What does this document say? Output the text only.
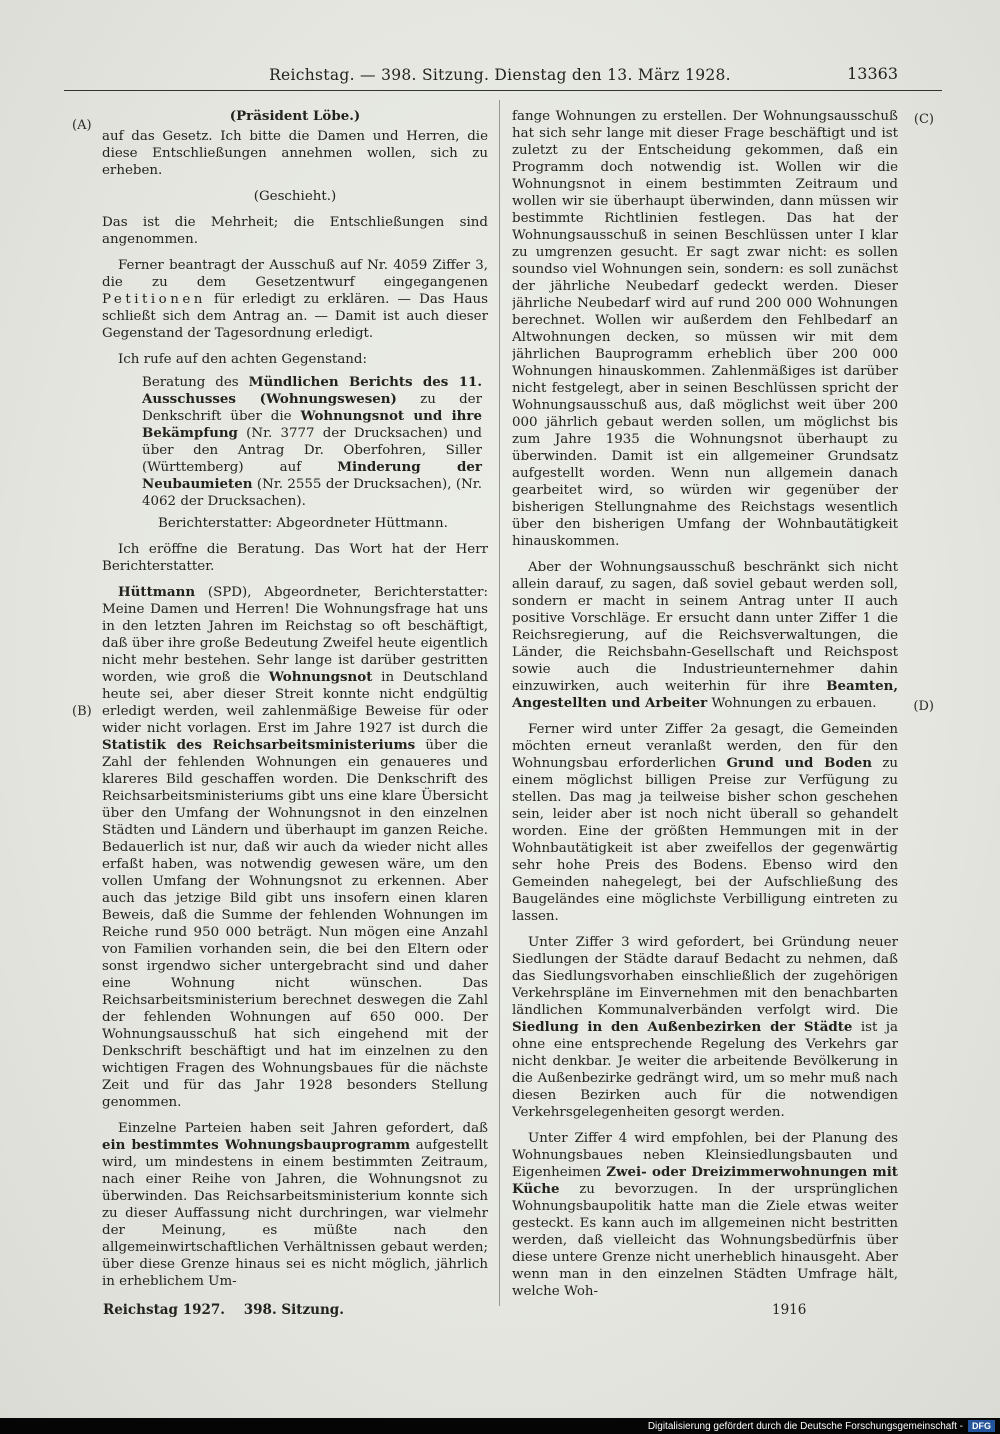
Reichstag. — 398. Sitzung. Dienstag den 13. März 1928.	13363
(A)
(B)
(C)
(D)

(Präsident Löbe.)

auf das Gesetz. Ich bitte die Damen und Herren, die diese Entschließungen annehmen wollen, sich zu erheben.

(Geschieht.)

Das ist die Mehrheit; die Entschließungen sind angenommen.

Ferner beantragt der Ausschuß auf Nr. 4059 Ziffer 3, die zu dem Gesetzentwurf eingegangenen Petitionen für erledigt zu erklären. — Das Haus schließt sich dem Antrag an. — Damit ist auch dieser Gegenstand der Tagesordnung erledigt.

Ich rufe auf den achten Gegenstand:

Beratung des Mündlichen Berichts des 11. Ausschusses (Wohnungswesen) zu der Denkschrift über die Wohnungsnot und ihre Bekämpfung (Nr. 3777 der Drucksachen) und über den Antrag Dr. Oberfohren, Siller (Württemberg) auf Minderung der Neubaumieten (Nr. 2555 der Drucksachen), (Nr. 4062 der Drucksachen).

Berichterstatter: Abgeordneter Hüttmann.

Ich eröffne die Beratung. Das Wort hat der Herr Berichterstatter.

Hüttmann (SPD), Abgeordneter, Berichterstatter: Meine Damen und Herren! Die Wohnungsfrage hat uns in den letzten Jahren im Reichstag so oft beschäftigt, daß über ihre große Bedeutung Zweifel heute eigentlich nicht mehr bestehen. Sehr lange ist darüber gestritten worden, wie groß die Wohnungsnot in Deutschland heute sei, aber dieser Streit konnte nicht endgültig erledigt werden, weil zahlenmäßige Beweise für oder wider nicht vorlagen. Erst im Jahre 1927 ist durch die Statistik des Reichsarbeitsministeriums über die Zahl der fehlenden Wohnungen ein genaueres und klareres Bild geschaffen worden. Die Denkschrift des Reichsarbeitsministeriums gibt uns eine klare Übersicht über den Umfang der Wohnungsnot in den einzelnen Städten und Ländern und überhaupt im ganzen Reiche. Bedauerlich ist nur, daß wir auch da wieder nicht alles erfaßt haben, was notwendig gewesen wäre, um den vollen Umfang der Wohnungsnot zu erkennen. Aber auch das jetzige Bild gibt uns insofern einen klaren Beweis, daß die Summe der fehlenden Wohnungen im Reiche rund 950 000 beträgt. Nun mögen eine Anzahl von Familien vorhanden sein, die bei den Eltern oder sonst irgendwo sicher untergebracht sind und daher eine Wohnung nicht wünschen. Das Reichsarbeitsministerium berechnet deswegen die Zahl der fehlenden Wohnungen auf 650 000. Der Wohnungsausschuß hat sich eingehend mit der Denkschrift beschäftigt und hat im einzelnen zu den wichtigen Fragen des Wohnungsbaues für die nächste Zeit und für das Jahr 1928 besonders Stellung genommen.

Einzelne Parteien haben seit Jahren gefordert, daß ein bestimmtes Wohnungsbauprogramm aufgestellt wird, um mindestens in einem bestimmten Zeitraum, nach einer Reihe von Jahren, die Wohnungsnot zu überwinden. Das Reichsarbeitsministerium konnte sich zu dieser Auffassung nicht durchringen, war vielmehr der Meinung, es müßte nach den allgemeinwirtschaftlichen Verhältnissen gebaut werden; über diese Grenze hinaus sei es nicht möglich, jährlich in erheblichem Um-

fange Wohnungen zu erstellen. Der Wohnungsausschuß hat sich sehr lange mit dieser Frage beschäftigt und ist zuletzt zu der Entscheidung gekommen, daß ein Programm doch notwendig ist. Wollen wir die Wohnungsnot in einem bestimmten Zeitraum und wollen wir sie überhaupt überwinden, dann müssen wir bestimmte Richtlinien festlegen. Das hat der Wohnungsausschuß in seinen Beschlüssen unter I klar zu umgrenzen gesucht. Er sagt zwar nicht: es sollen soundso viel Wohnungen sein, sondern: es soll zunächst der jährliche Neubedarf gedeckt werden. Dieser jährliche Neubedarf wird auf rund 200 000 Wohnungen berechnet. Wollen wir außerdem den Fehlbedarf an Altwohnungen decken, so müssen wir mit dem jährlichen Bauprogramm erheblich über 200 000 Wohnungen hinauskommen. Zahlenmäßiges ist darüber nicht festgelegt, aber in seinen Beschlüssen spricht der Wohnungsausschuß aus, daß möglichst weit über 200 000 jährlich gebaut werden sollen, um möglichst bis zum Jahre 1935 die Wohnungsnot überhaupt zu überwinden. Damit ist ein allgemeiner Grundsatz aufgestellt worden. Wenn nun allgemein danach gearbeitet wird, so würden wir gegenüber der bisherigen Stellungnahme des Reichstags wesentlich über den bisherigen Umfang der Wohnbautätigkeit hinauskommen.

Aber der Wohnungsausschuß beschränkt sich nicht allein darauf, zu sagen, daß soviel gebaut werden soll, sondern er macht in seinem Antrag unter II auch positive Vorschläge. Er ersucht dann unter Ziffer 1 die Reichsregierung, auf die Reichsverwaltungen, die Länder, die Reichsbahn-Gesellschaft und Reichspost sowie auch die Industrieunternehmer dahin einzuwirken, auch weiterhin für ihre Beamten, Angestellten und Arbeiter Wohnungen zu erbauen.

Ferner wird unter Ziffer 2a gesagt, die Gemeinden möchten erneut veranlaßt werden, den für den Wohnungsbau erforderlichen Grund und Boden zu einem möglichst billigen Preise zur Verfügung zu stellen. Das mag ja teilweise bisher schon geschehen sein, leider aber ist noch nicht überall so gehandelt worden. Eine der größten Hemmungen mit in der Wohnbautätigkeit ist aber zweifellos der gegenwärtig sehr hohe Preis des Bodens. Ebenso wird den Gemeinden nahegelegt, bei der Aufschließung des Baugeländes eine möglichste Verbilligung eintreten zu lassen.

Unter Ziffer 3 wird gefordert, bei Gründung neuer Siedlungen der Städte darauf Bedacht zu nehmen, daß das Siedlungsvorhaben einschließlich der zugehörigen Verkehrspläne im Einvernehmen mit den benachbarten ländlichen Kommunalverbänden verfolgt wird. Die Siedlung in den Außenbezirken der Städte ist ja ohne eine entsprechende Regelung des Verkehrs gar nicht denkbar. Je weiter die arbeitende Bevölkerung in die Außenbezirke gedrängt wird, um so mehr muß nach diesen Bezirken auch für die notwendigen Verkehrsgelegenheiten gesorgt werden.

Unter Ziffer 4 wird empfohlen, bei der Planung des Wohnungsbaues neben Kleinsiedlungsbauten und Eigenheimen Zwei- oder Dreizimmerwohnungen mit Küche zu bevorzugen. In der ursprünglichen Wohnungsbaupolitik hatte man die Ziele etwas weiter gesteckt. Es kann auch im allgemeinen nicht bestritten werden, daß vielleicht das Wohnungsbedürfnis über diese untere Grenze nicht unerheblich hinausgeht. Aber wenn man in den einzelnen Städten Umfrage hält, welche Woh-

Reichstag 1927.    398. Sitzung.	1916
Digitalisierung gefördert durch die Deutsche Forschungsgemeinschaft -	DFG
